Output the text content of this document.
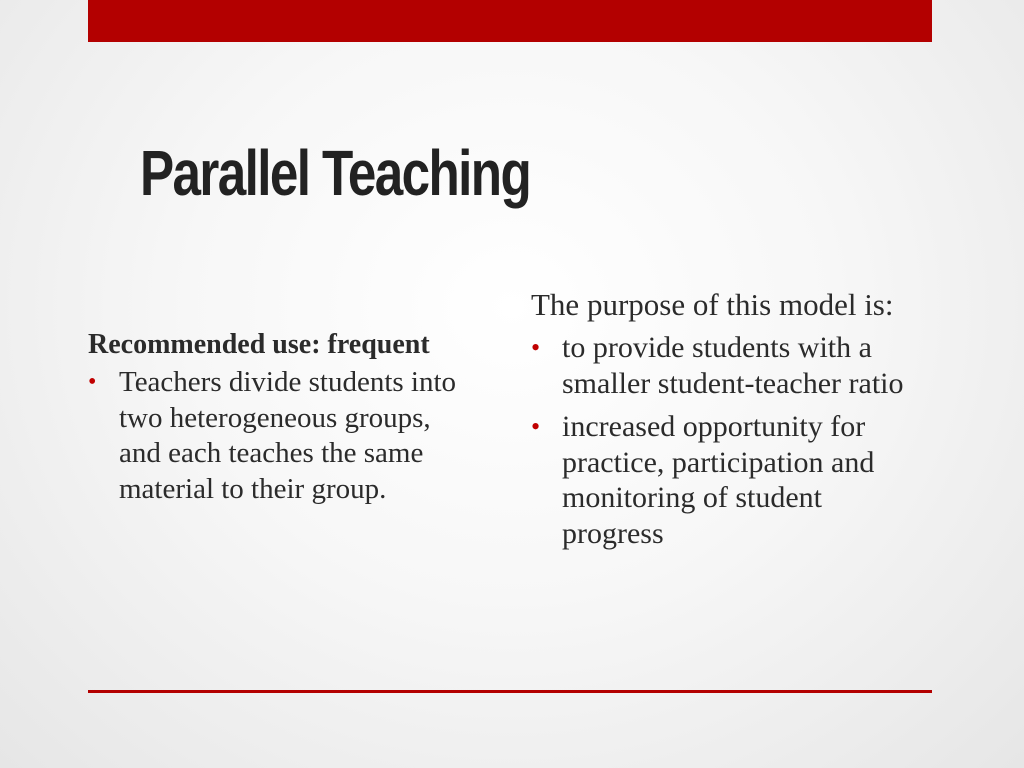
Parallel Teaching
Recommended use: frequent
• Teachers divide students into two heterogeneous groups, and each teaches the same material to their group.
The purpose of this model is:
• to provide students with a smaller student-teacher ratio
• increased opportunity for practice, participation and monitoring of student progress
